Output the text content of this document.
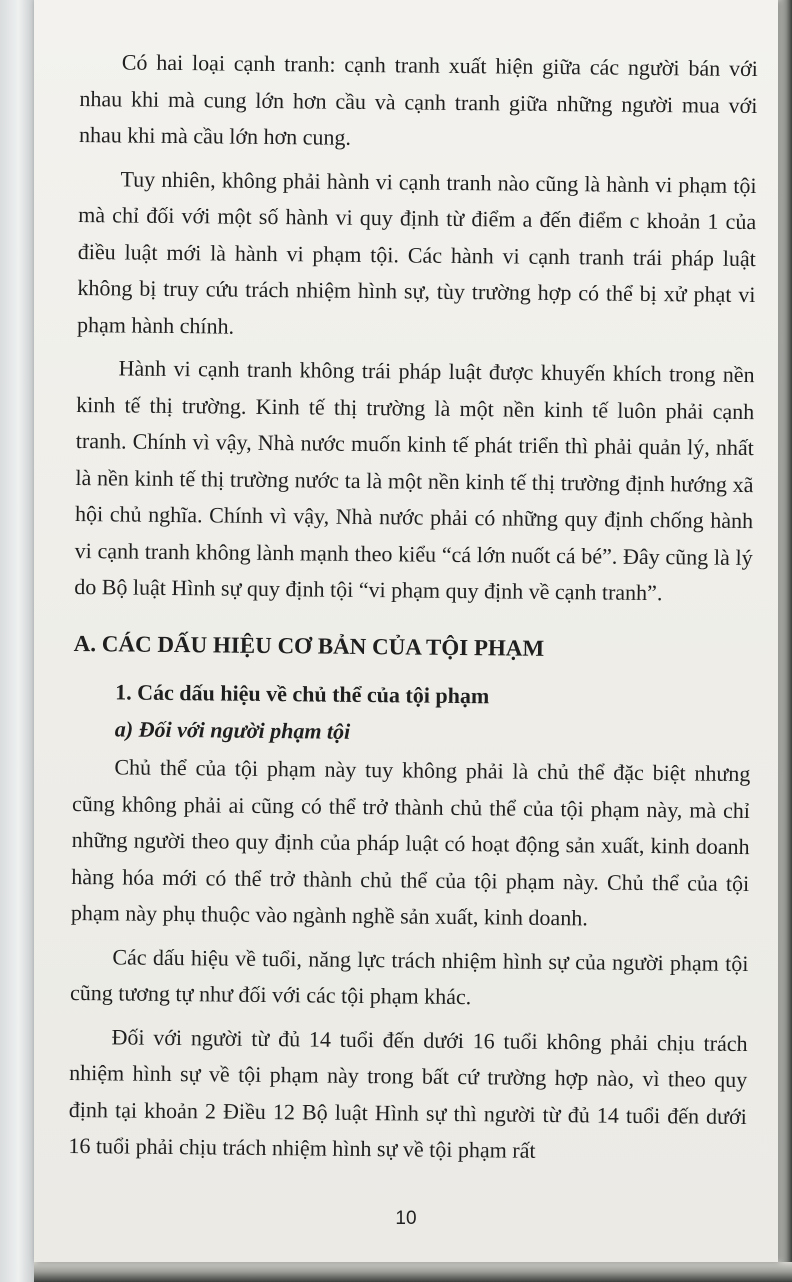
Có hai loại cạnh tranh: cạnh tranh xuất hiện giữa các người bán với nhau khi mà cung lớn hơn cầu và cạnh tranh giữa những người mua với nhau khi mà cầu lớn hơn cung.

Tuy nhiên, không phải hành vi cạnh tranh nào cũng là hành vi phạm tội mà chỉ đối với một số hành vi quy định từ điểm a đến điểm c khoản 1 của điều luật mới là hành vi phạm tội. Các hành vi cạnh tranh trái pháp luật không bị truy cứu trách nhiệm hình sự, tùy trường hợp có thể bị xử phạt vi phạm hành chính.

Hành vi cạnh tranh không trái pháp luật được khuyến khích trong nền kinh tế thị trường. Kinh tế thị trường là một nền kinh tế luôn phải cạnh tranh. Chính vì vậy, Nhà nước muốn kinh tế phát triển thì phải quản lý, nhất là nền kinh tế thị trường nước ta là một nền kinh tế thị trường định hướng xã hội chủ nghĩa. Chính vì vậy, Nhà nước phải có những quy định chống hành vi cạnh tranh không lành mạnh theo kiểu “cá lớn nuốt cá bé”. Đây cũng là lý do Bộ luật Hình sự quy định tội “vi phạm quy định về cạnh tranh”.

A. CÁC DẤU HIỆU CƠ BẢN CỦA TỘI PHẠM
1. Các dấu hiệu về chủ thể của tội phạm
a) Đối với người phạm tội

Chủ thể của tội phạm này tuy không phải là chủ thể đặc biệt nhưng cũng không phải ai cũng có thể trở thành chủ thể của tội phạm này, mà chỉ những người theo quy định của pháp luật có hoạt động sản xuất, kinh doanh hàng hóa mới có thể trở thành chủ thể của tội phạm này. Chủ thể của tội phạm này phụ thuộc vào ngành nghề sản xuất, kinh doanh.

Các dấu hiệu về tuổi, năng lực trách nhiệm hình sự của người phạm tội cũng tương tự như đối với các tội phạm khác.

Đối với người từ đủ 14 tuổi đến dưới 16 tuổi không phải chịu trách nhiệm hình sự về tội phạm này trong bất cứ trường hợp nào, vì theo quy định tại khoản 2 Điều 12 Bộ luật Hình sự thì người từ đủ 14 tuổi đến dưới 16 tuổi phải chịu trách nhiệm hình sự về tội phạm rất

10
